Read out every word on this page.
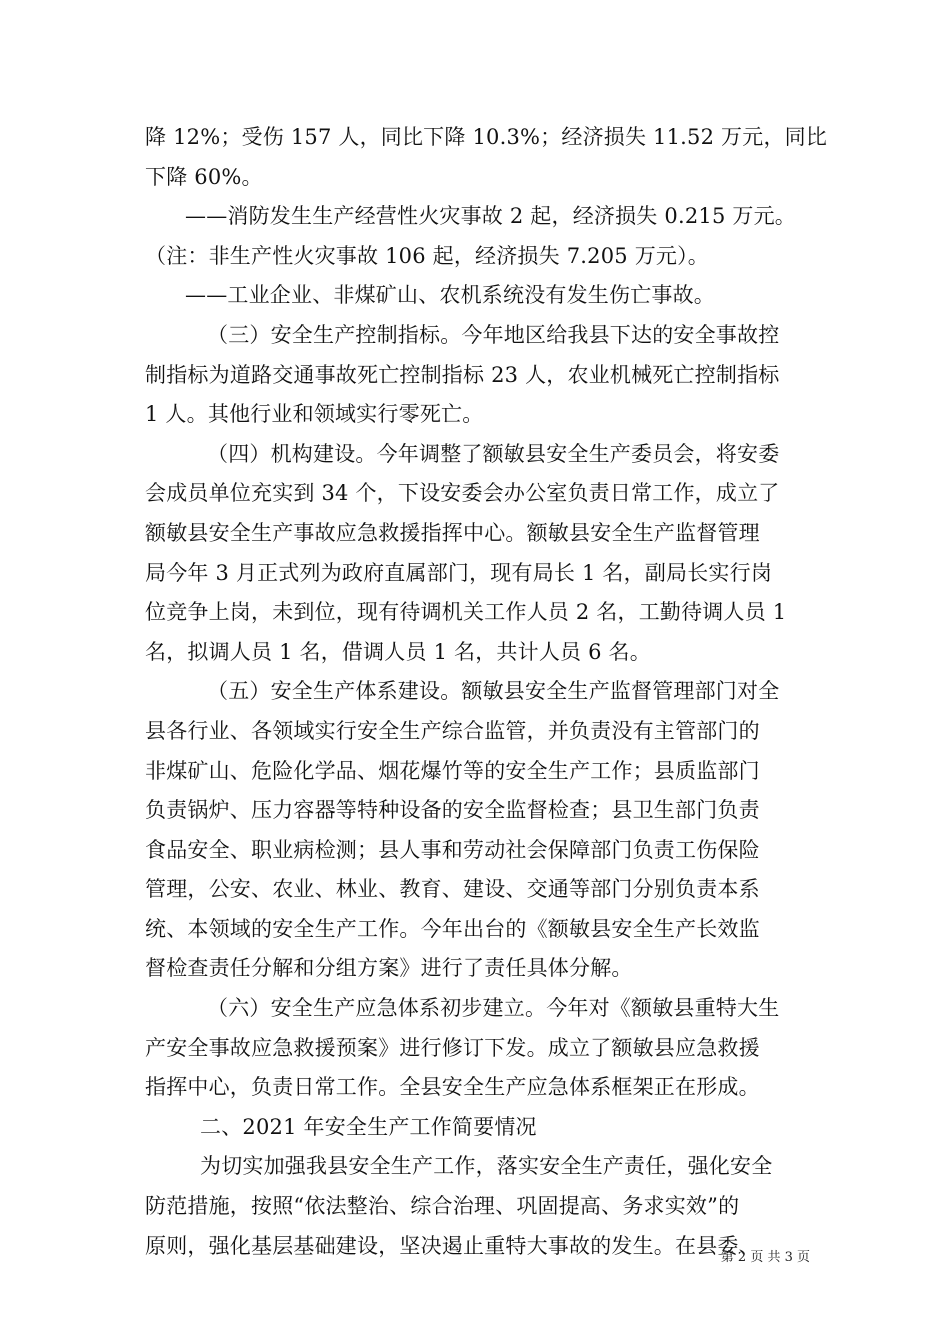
降 12%；受伤 157 人，同比下降 10.3%；经济损失 11.52 万元，同比
下降 60%。
——消防发生生产经营性火灾事故 2 起，经济损失 0.215 万元。
（注：非生产性火灾事故 106 起，经济损失 7.205 万元）。
——工业企业、非煤矿山、农机系统没有发生伤亡事故。
（三）安全生产控制指标。今年地区给我县下达的安全事故控
制指标为道路交通事故死亡控制指标 23 人，农业机械死亡控制指标
1 人。其他行业和领域实行零死亡。
（四）机构建设。今年调整了额敏县安全生产委员会，将安委
会成员单位充实到 34 个，下设安委会办公室负责日常工作，成立了
额敏县安全生产事故应急救援指挥中心。额敏县安全生产监督管理
局今年 3 月正式列为政府直属部门，现有局长 1 名，副局长实行岗
位竞争上岗，未到位，现有待调机关工作人员 2 名，工勤待调人员 1
名，拟调人员 1 名，借调人员 1 名，共计人员 6 名。
（五）安全生产体系建设。额敏县安全生产监督管理部门对全
县各行业、各领域实行安全生产综合监管，并负责没有主管部门的
非煤矿山、危险化学品、烟花爆竹等的安全生产工作；县质监部门
负责锅炉、压力容器等特种设备的安全监督检查；县卫生部门负责
食品安全、职业病检测；县人事和劳动社会保障部门负责工伤保险
管理，公安、农业、林业、教育、建设、交通等部门分别负责本系
统、本领域的安全生产工作。今年出台的《额敏县安全生产长效监
督检查责任分解和分组方案》进行了责任具体分解。
（六）安全生产应急体系初步建立。今年对《额敏县重特大生
产安全事故应急救援预案》进行修订下发。成立了额敏县应急救援
指挥中心，负责日常工作。全县安全生产应急体系框架正在形成。
二、2021 年安全生产工作简要情况
为切实加强我县安全生产工作，落实安全生产责任，强化安全
防范措施，按照“依法整治、综合治理、巩固提高、务求实效”的
原则，强化基层基础建设，坚决遏止重特大事故的发生。在县委、
第 2 页 共 3 页
